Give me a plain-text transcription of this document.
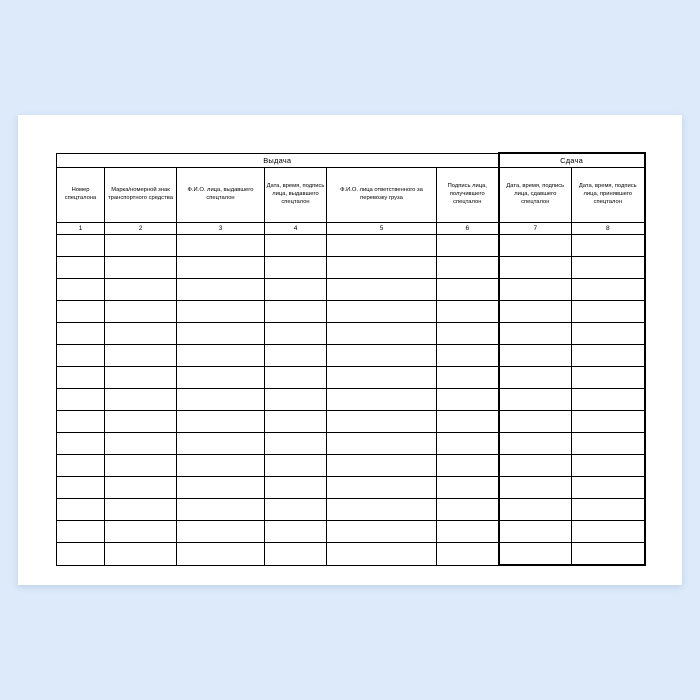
Выдача						Сдача	
Номер спецталона	Марка/номерной знак транспортного средства	Ф.И.О. лица, выдавшего спецталон	Дата, время, подпись лица, выдавшего спецталон	Ф.И.О. лица ответственного за перевозку груза	Подпись лица, получившего спецталон	Дата, время, подпись лица, сдавшего спецталон	Дата, время, подпись лица, принявшего спецталон
1	2	3	4	5	6	7	8
